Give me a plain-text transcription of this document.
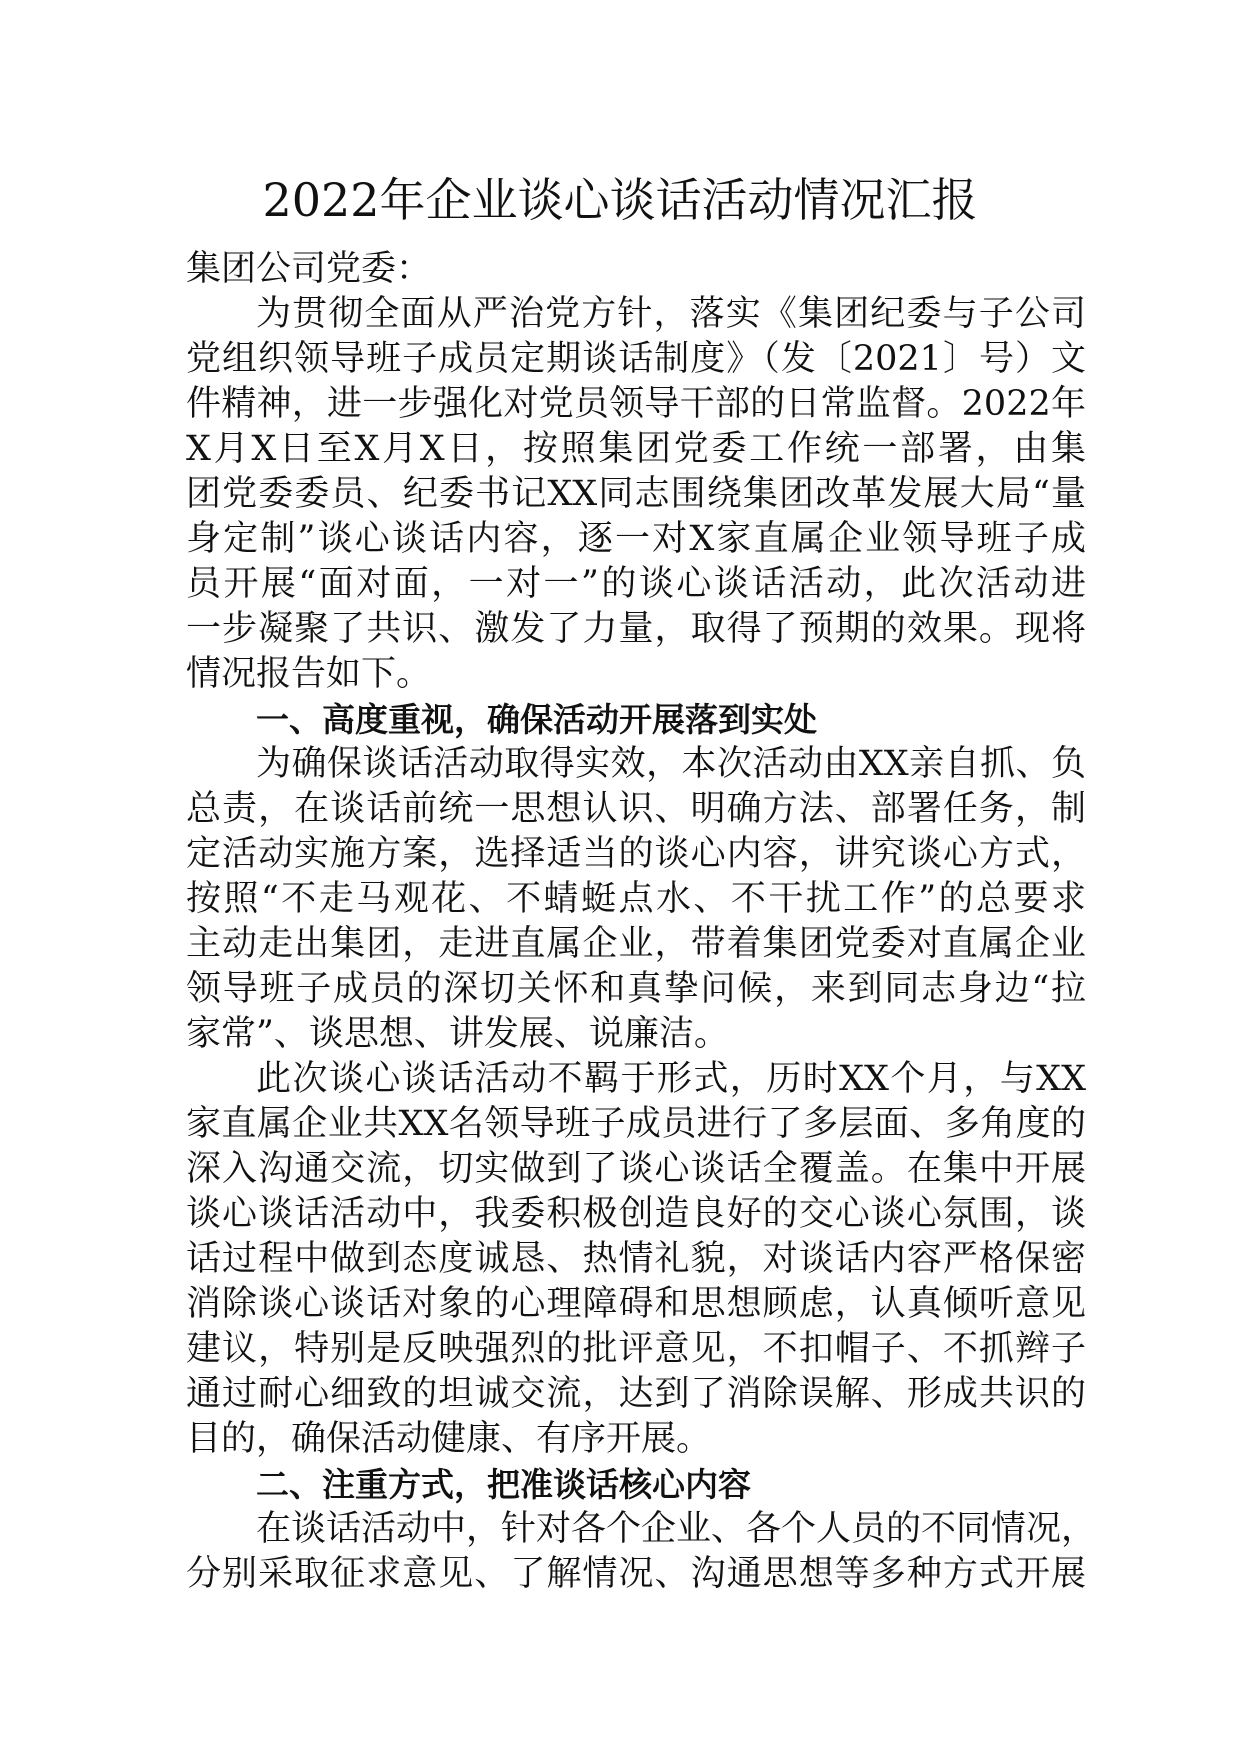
2022年企业谈心谈话活动情况汇报
集团公司党委：
为贯彻全面从严治党方针，落实《集团纪委与子公司
党组织领导班子成员定期谈话制度》（发〔2021〕号）文
件精神，进一步强化对党员领导干部的日常监督。2022年
X月X日至X月X日，按照集团党委工作统一部署，由集
团党委委员、纪委书记XX同志围绕集团改革发展大局“量
身定制”谈心谈话内容，逐一对X家直属企业领导班子成
员开展“面对面，一对一”的谈心谈话活动，此次活动进
一步凝聚了共识、激发了力量，取得了预期的效果。现将
情况报告如下。
一、高度重视，确保活动开展落到实处
为确保谈话活动取得实效，本次活动由XX亲自抓、负
总责，在谈话前统一思想认识、明确方法、部署任务，制
定活动实施方案，选择适当的谈心内容，讲究谈心方式，
按照“不走马观花、不蜻蜓点水、不干扰工作”的总要求
主动走出集团，走进直属企业，带着集团党委对直属企业
领导班子成员的深切关怀和真挚问候，来到同志身边“拉
家常”、谈思想、讲发展、说廉洁。
此次谈心谈话活动不羁于形式，历时XX个月，与XX
家直属企业共XX名领导班子成员进行了多层面、多角度的
深入沟通交流，切实做到了谈心谈话全覆盖。在集中开展
谈心谈话活动中，我委积极创造良好的交心谈心氛围，谈
话过程中做到态度诚恳、热情礼貌，对谈话内容严格保密
消除谈心谈话对象的心理障碍和思想顾虑，认真倾听意见
建议，特别是反映强烈的批评意见，不扣帽子、不抓辫子
通过耐心细致的坦诚交流，达到了消除误解、形成共识的
目的，确保活动健康、有序开展。
二、注重方式，把准谈话核心内容
在谈话活动中，针对各个企业、各个人员的不同情况，
分别采取征求意见、了解情况、沟通思想等多种方式开展
